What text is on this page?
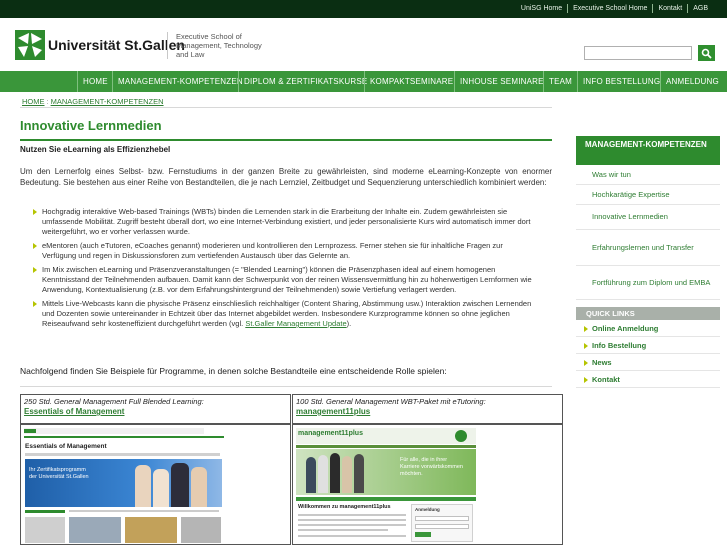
UniSG Home	Executive School Home	Kontakt	AGB
Universität St.Gallen
Executive School of
Management, Technology
and Law
HOME	MANAGEMENT-KOMPETENZEN DIPLOM & ZERTIFIKATSKURSE KOMPAKTSEMINARE INHOUSE SEMINARE TEAM	INFO BESTELLUNG ANMELDUNG
HOME : MANAGEMENT-KOMPETENZEN
Innovative Lernmedien
Nutzen Sie eLearning als Effizienzhebel
Um den Lernerfolg eines Selbst- bzw. Fernstudiums in der ganzen Breite zu gewährleisten, sind moderne eLearning-Konzepte von enormer Bedeutung. Sie bestehen aus einer Reihe von Bestandteilen, die je nach Lernziel, Zeitbudget und Sequenzierung unterschiedlich kombiniert werden:
Hochgradig interaktive Web-based Trainings (WBTs) binden die Lernenden stark in die Erarbeitung der Inhalte ein. Zudem gewährleisten sie umfassende Mobilität. Zugriff besteht überall dort, wo eine Internet-Verbindung existiert, und jeder personalisierte Kurs wird automatisch immer dort weitergeführt, wo er vorher verlassen wurde.
eMentoren (auch eTutoren, eCoaches genannt) moderieren und kontrollieren den Lernprozess. Ferner stehen sie für inhaltliche Fragen zur Verfügung und regen in Diskussionsforen zum vertiefenden Austausch über das Gelernte an.
Im Mix zwischen eLearning und Präsenzveranstaltungen (= "Blended Learning") können die Präsenzphasen ideal auf einem homogenen Kenntnisstand der Teilnehmenden aufbauen. Damit kann der Schwerpunkt von der reinen Wissensvermittlung hin zu höherwertigen Lernformen wie Anwendung, Kontextualisierung (z.B. vor dem Erfahrungshintergrund der Teilnehmenden) sowie Vertiefung verlagert werden.
Mittels Live-Webcasts kann die physische Präsenz einschlieslich reichhaltiger (Content Sharing, Abstimmung usw.) Interaktion zwischen Lernenden und Dozenten sowie untereinander in Echtzeit über das Internet abgebildet werden. Insbesondere Kurzprogramme können so ohne jeglichen Reiseaufwand sehr kosteneffizient durchgeführt werden (vgl. St.Galler Management Update).
Nachfolgend finden Sie Beispiele für Programme, in denen solche Bestandteile eine entscheidende Rolle spielen:
250 Std. General Management Full Blended Learning:
Essentials of Management
Essentials of Management
Ihr Zertifikatsprogramm
der Universität St.Gallen
100 Std. General Management WBT-Paket mit eTutoring:
management11plus
management11plus
Für alle, die in ihrer
Karriere vorwärtskommen
möchten.
Willkommen zu management11plus	Anmeldung
MANAGEMENT-KOMPETENZEN
Was wir tun
Hochkarätige Expertise
Innovative Lernmedien
Erfahrungslernen und Transfer
Fortführung zum Diplom und EMBA
QUICK LINKS
Online Anmeldung
Info Bestellung
News
Kontakt
